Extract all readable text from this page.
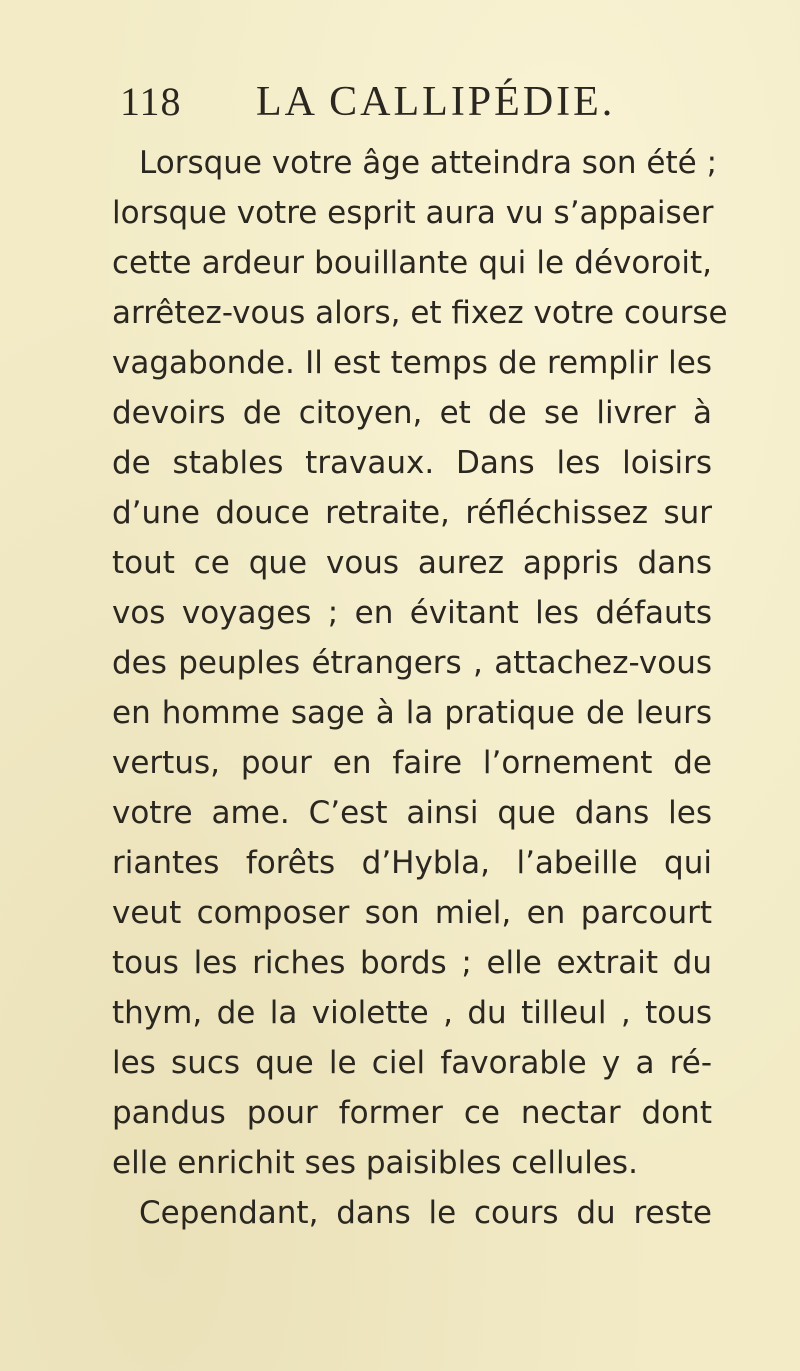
118 LA CALLIPÉDIE.
Lorsque votre âge atteindra son été ;
lorsque votre esprit aura vu s’appaiser
cette ardeur bouillante qui le dévoroit,
arrêtez-vous alors, et fixez votre course
vagabonde. Il est temps de remplir les
devoirs de citoyen, et de se livrer à
de stables travaux. Dans les loisirs
d’une douce retraite, réfléchissez sur
tout ce que vous aurez appris dans
vos voyages ; en évitant les défauts
des peuples étrangers , attachez-vous
en homme sage à la pratique de leurs
vertus, pour en faire l’ornement de
votre ame. C’est ainsi que dans les
riantes forêts d’Hybla, l’abeille qui
veut composer son miel, en parcourt
tous les riches bords ; elle extrait du
thym, de la violette , du tilleul , tous
les sucs que le ciel favorable y a ré-
pandus pour former ce nectar dont
elle enrichit ses paisibles cellules.
Cependant, dans le cours du reste
